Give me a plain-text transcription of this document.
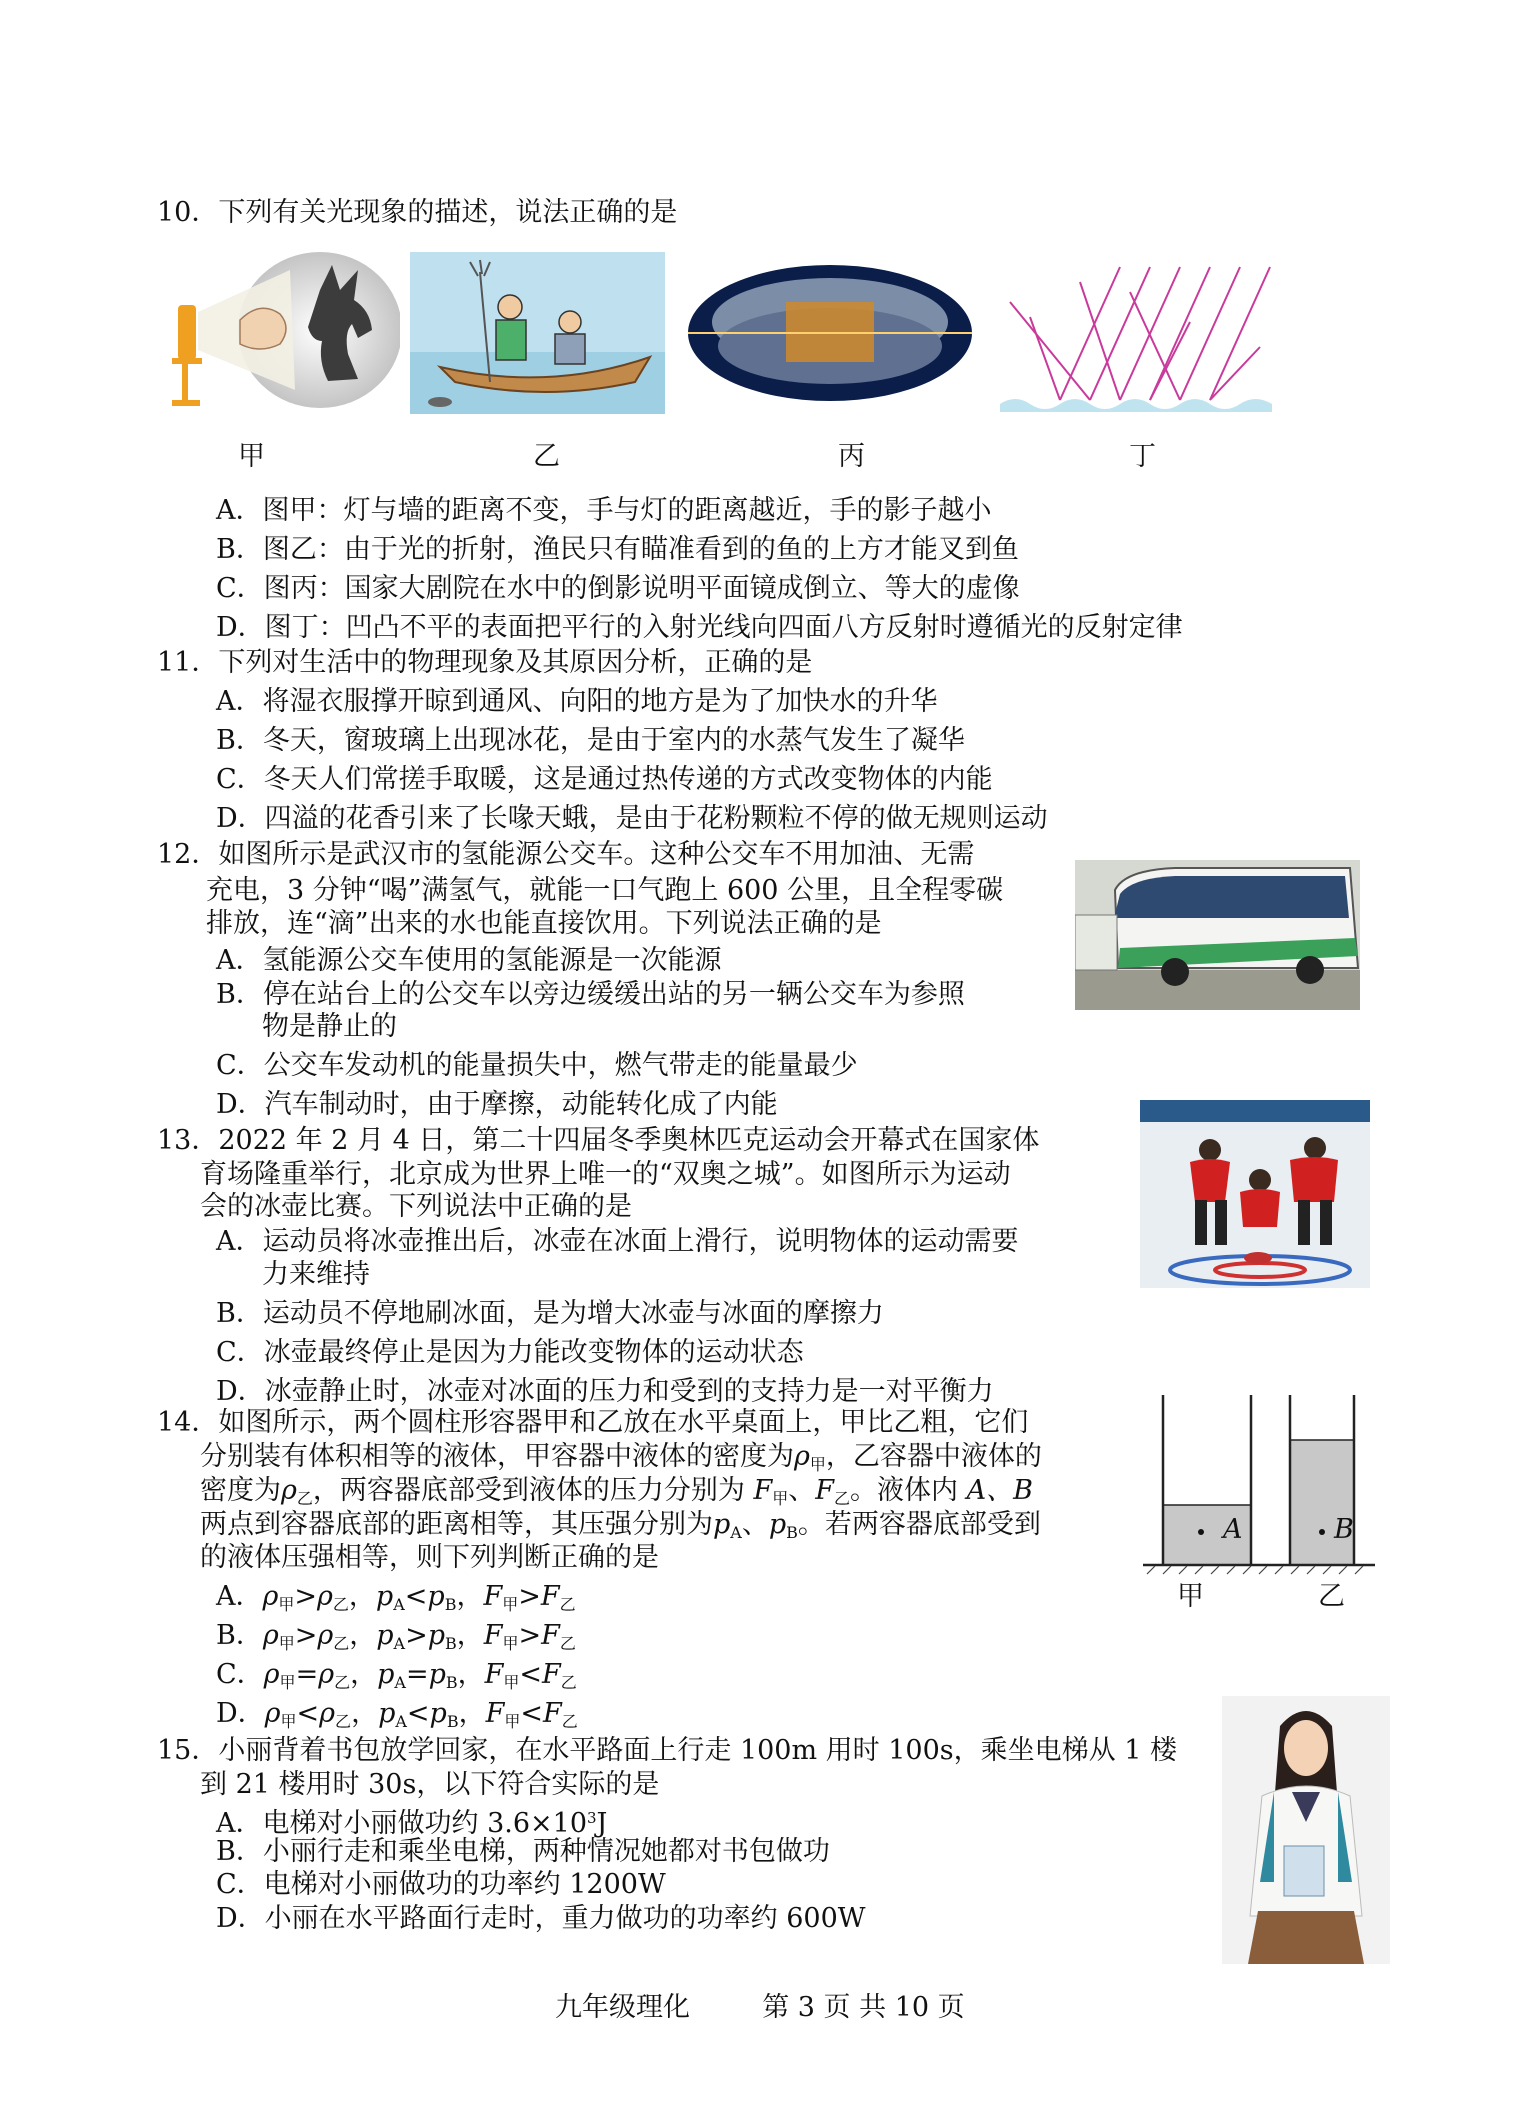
10．下列有关光现象的描述，说法正确的是
甲	乙	丙	丁
A．图甲：灯与墙的距离不变，手与灯的距离越近，手的影子越小
B．图乙：由于光的折射，渔民只有瞄准看到的鱼的上方才能叉到鱼
C．图丙：国家大剧院在水中的倒影说明平面镜成倒立、等大的虚像
D．图丁：凹凸不平的表面把平行的入射光线向四面八方反射时遵循光的反射定律
11．下列对生活中的物理现象及其原因分析，正确的是
A．将湿衣服撑开晾到通风、向阳的地方是为了加快水的升华
B．冬天，窗玻璃上出现冰花，是由于室内的水蒸气发生了凝华
C．冬天人们常搓手取暖，这是通过热传递的方式改变物体的内能
D．四溢的花香引来了长喙天蛾，是由于花粉颗粒不停的做无规则运动
12．如图所示是武汉市的氢能源公交车。这种公交车不用加油、无需
充电，3 分钟“喝”满氢气，就能一口气跑上 600 公里，且全程零碳
排放，连“滴”出来的水也能直接饮用。下列说法正确的是
A．氢能源公交车使用的氢能源是一次能源
B．停在站台上的公交车以旁边缓缓出站的另一辆公交车为参照
物是静止的
C．公交车发动机的能量损失中，燃气带走的能量最少
D．汽车制动时，由于摩擦，动能转化成了内能
13．2022 年 2 月 4 日，第二十四届冬季奥林匹克运动会开幕式在国家体
育场隆重举行，北京成为世界上唯一的“双奥之城”。如图所示为运动
会的冰壶比赛。下列说法中正确的是
A．运动员将冰壶推出后，冰壶在冰面上滑行，说明物体的运动需要
力来维持
B．运动员不停地刷冰面，是为增大冰壶与冰面的摩擦力
C．冰壶最终停止是因为力能改变物体的运动状态
D．冰壶静止时，冰壶对冰面的压力和受到的支持力是一对平衡力
14．如图所示，两个圆柱形容器甲和乙放在水平桌面上，甲比乙粗，它们
分别装有体积相等的液体，甲容器中液体的密度为$\rho_甲$，乙容器中液体的
密度为$\rho_乙$，两容器底部受到液体的压力分别为 $F_甲$、$F_乙$。液体内 A、B
两点到容器底部的距离相等，其压强分别为$p_A$、$p_B$。若两容器底部受到
的液体压强相等，则下列判断正确的是
A．$\rho_甲>\rho_乙$，$p_A<p_B$，$F_甲>F_乙$
B．$\rho_甲>\rho_乙$，$p_A>p_B$，$F_甲>F_乙$
C．$\rho_甲=\rho_乙$，$p_A=p_B$，$F_甲<F_乙$
D．$\rho_甲<\rho_乙$，$p_A<p_B$，$F_甲<F_乙$
A	B
甲	乙
15．小丽背着书包放学回家，在水平路面上行走 100m 用时 100s，乘坐电梯从 1 楼
到 21 楼用时 30s，以下符合实际的是
A．电梯对小丽做功约 $3.6\times 10^3J$
B．小丽行走和乘坐电梯，两种情况她都对书包做功
C．电梯对小丽做功的功率约 1200W
D．小丽在水平路面行走时，重力做功的功率约 600W
九年级理化	第 3 页 共 10 页
